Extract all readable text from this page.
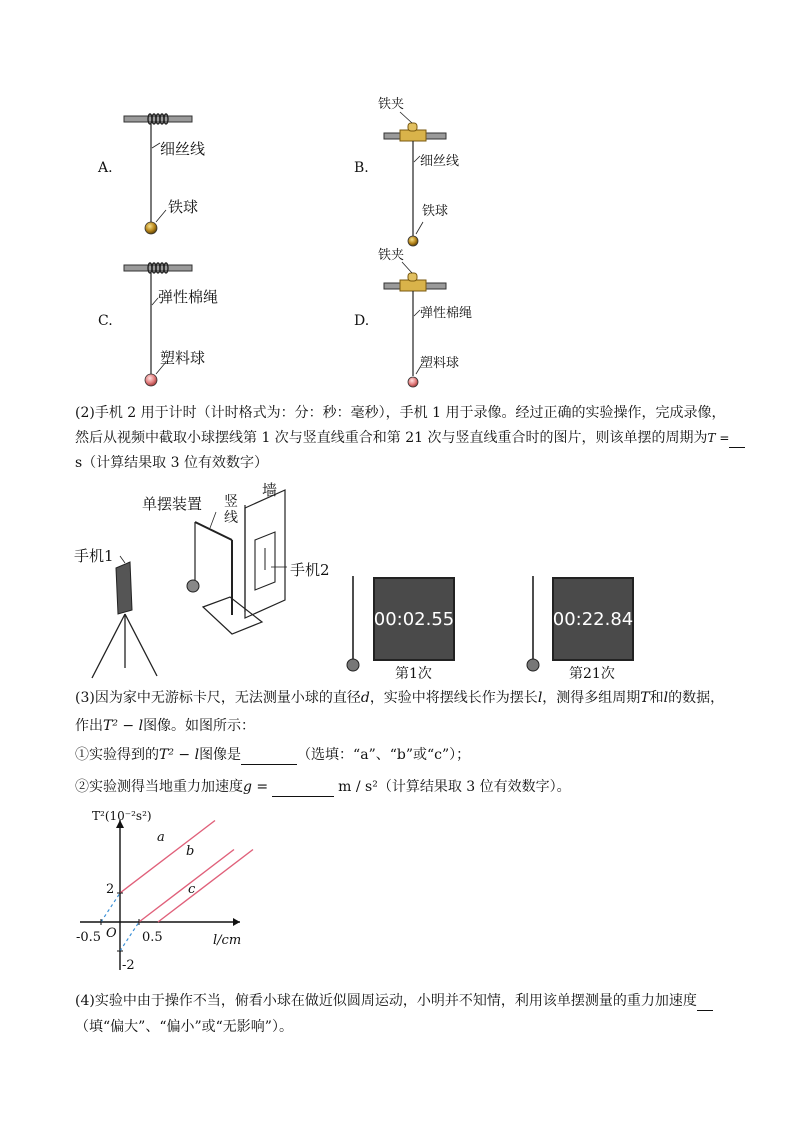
A.
细丝线
铁球
B.
铁夹
细丝线
铁球
C.
弹性棉绳
塑料球
D.
铁夹
弹性棉绳
塑料球
(2)手机 2 用于计时（计时格式为：分：秒：毫秒），手机 1 用于录像。经过正确的实验操作，完成录像，
然后从视频中截取小球摆线第 1 次与竖直线重合和第 21 次与竖直线重合时的图片，则该单摆的周期为T =
s（计算结果取 3 位有效数字）
单摆装置 竖线
墙
手机1
手机2
00:02.55	00:22.84
第1次	第21次
(3)因为家中无游标卡尺，无法测量小球的直径d，实验中将摆线长作为摆长l，测得多组周期T和l的数据，
作出T² − l图像。如图所示：
①实验得到的T² − l图像是	（选填：“a”、“b”或“c”）；
②实验测得当地重力加速度g =	m / s²（计算结果取 3 位有效数字）。
T²(10⁻²s²)
l/cm
O
-0.5	0.5
2
-2
a
b
c
(4)实验中由于操作不当，俯看小球在做近似圆周运动，小明并不知情，利用该单摆测量的重力加速度
（填“偏大”、“偏小”或“无影响”）。
